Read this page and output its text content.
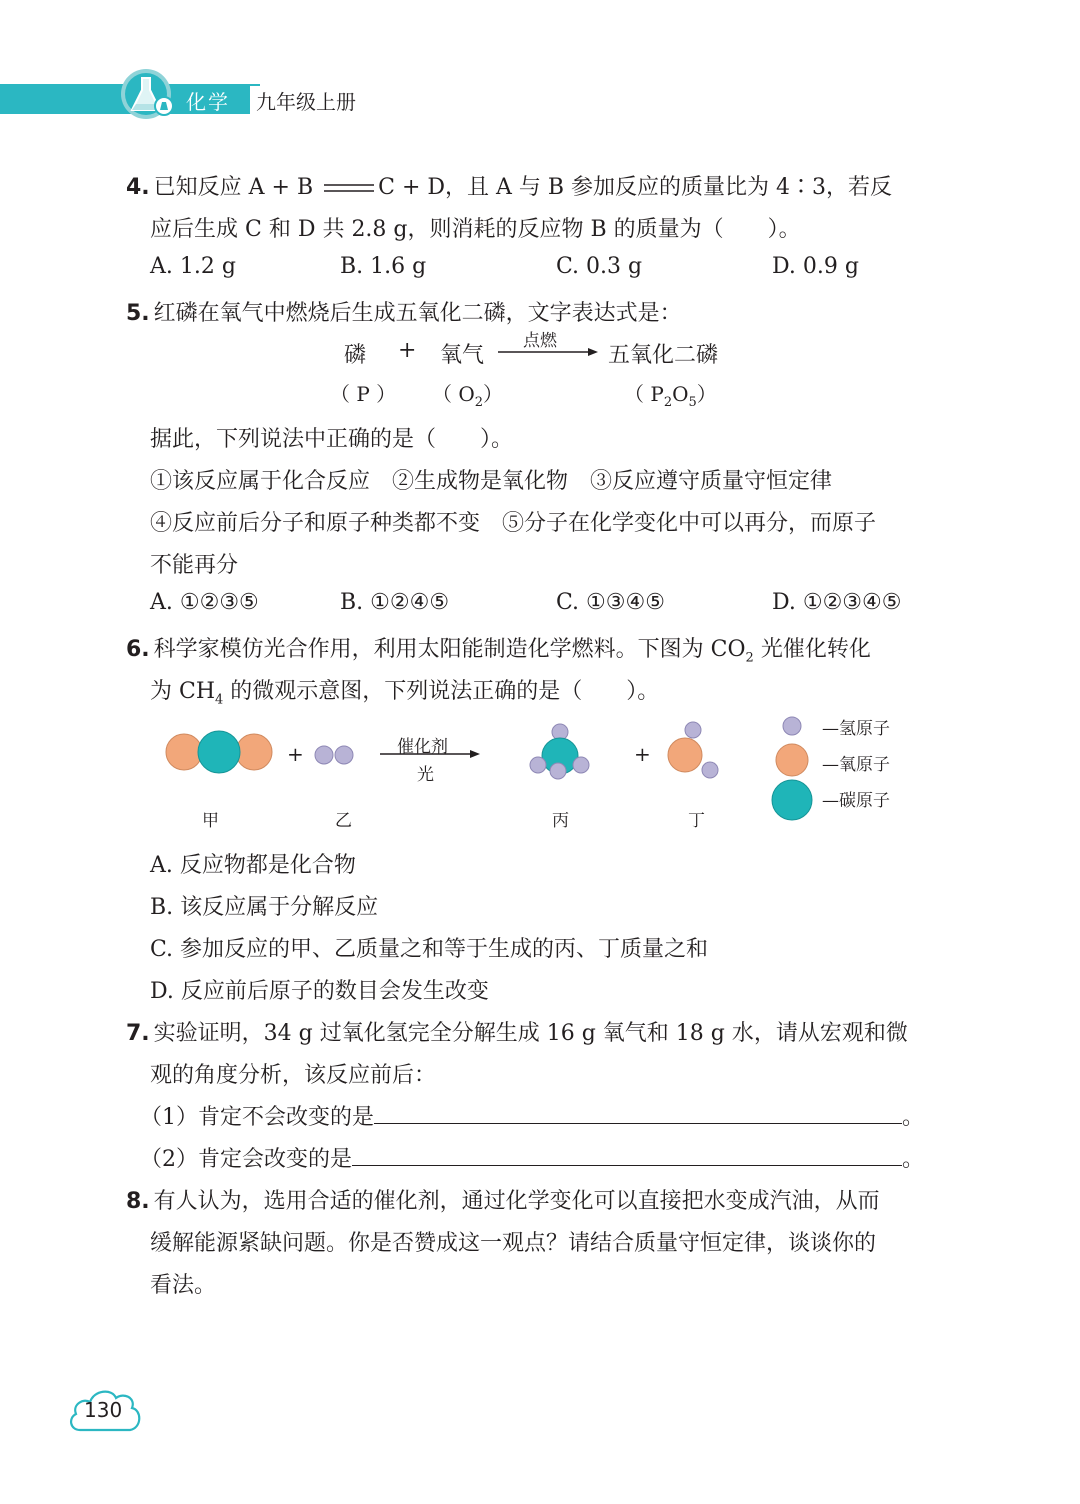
化学	九年级上册
4. 已知反应 A + B	C + D，且 A 与 B 参加反应的质量比为 4∶3，若反
应后生成 C 和 D 共 2.8 g，则消耗的反应物 B 的质量为（　　）。
A. 1.2 g	B. 1.6 g	C. 0.3 g	D. 0.9 g
5. 红磷在氧气中燃烧后生成五氧化二磷，文字表达式是：
磷 + 氧气
点燃
五氧化二磷
（ P ） （ $O_2$）	（ $P_2O_5$）
据此，下列说法中正确的是（　　）。
①该反应属于化合反应　②生成物是氧化物　③反应遵守质量守恒定律
④反应前后分子和原子种类都不变　⑤分子在化学变化中可以再分，而原子
不能再分
A. ①②③⑤	B. ①②④⑤	C. ①③④⑤	D. ①②③④⑤
6. 科学家模仿光合作用，利用太阳能制造化学燃料。下图为 $CO_2$ 光催化转化
为 $CH_4$ 的微观示意图，下列说法正确的是（　　）。
+	催化剂
光
+
甲	乙	丙	丁
—氢原子
—氧原子
—碳原子
A. 反应物都是化合物
B. 该反应属于分解反应
C. 参加反应的甲、乙质量之和等于生成的丙、丁质量之和
D. 反应前后原子的数目会发生改变
7. 实验证明，34 g 过氧化氢完全分解生成 16 g 氧气和 18 g 水，请从宏观和微
观的角度分析，该反应前后：
（1）肯定不会改变的是	。
（2）肯定会改变的是	。
8. 有人认为，选用合适的催化剂，通过化学变化可以直接把水变成汽油，从而
缓解能源紧缺问题。你是否赞成这一观点？请结合质量守恒定律，谈谈你的
看法。
130
